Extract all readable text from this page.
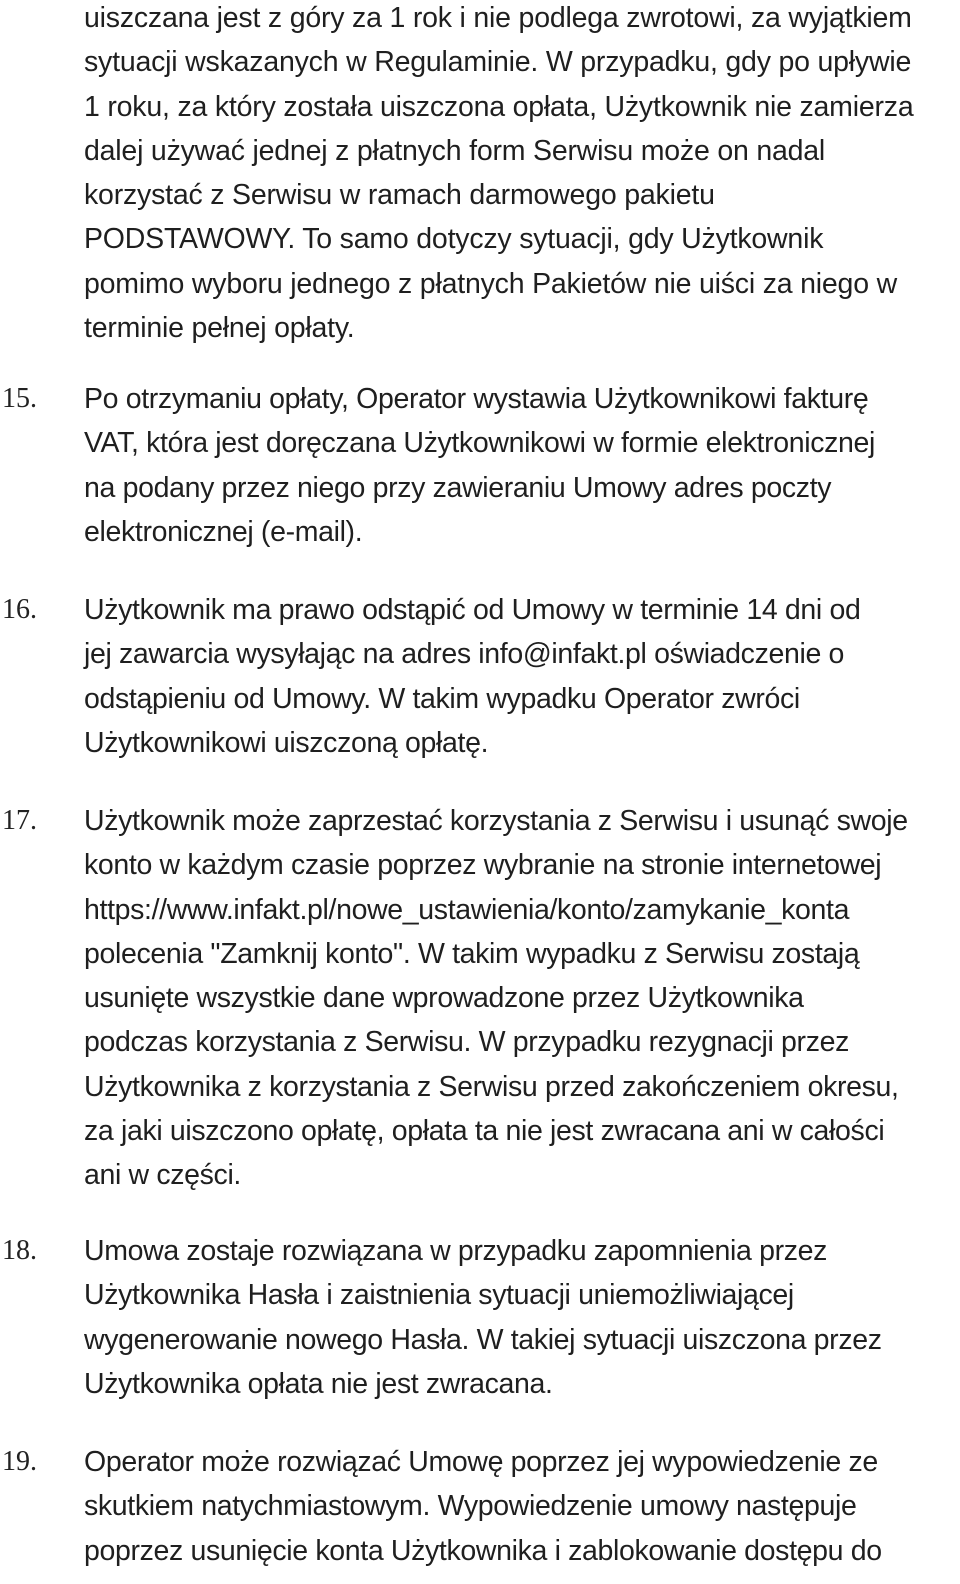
uiszczana jest z góry za 1 rok i nie podlega zwrotowi, za wyjątkiem
sytuacji wskazanych w Regulaminie. W przypadku, gdy po upływie
1 roku, za który została uiszczona opłata, Użytkownik nie zamierza
dalej używać jednej z płatnych form Serwisu może on nadal
korzystać z Serwisu w ramach darmowego pakietu
PODSTAWOWY. To samo dotyczy sytuacji, gdy Użytkownik
pomimo wyboru jednego z płatnych Pakietów nie uiści za niego w
terminie pełnej opłaty.
15. Po otrzymaniu opłaty, Operator wystawia Użytkownikowi fakturę
VAT, która jest doręczana Użytkownikowi w formie elektronicznej
na podany przez niego przy zawieraniu Umowy adres poczty
elektronicznej (e-mail).
16. Użytkownik ma prawo odstąpić od Umowy w terminie 14 dni od
jej zawarcia wysyłając na adres info@infakt.pl oświadczenie o
odstąpieniu od Umowy. W takim wypadku Operator zwróci
Użytkownikowi uiszczoną opłatę.
17. Użytkownik może zaprzestać korzystania z Serwisu i usunąć swoje
konto w każdym czasie poprzez wybranie na stronie internetowej
https://www.infakt.pl/nowe_ustawienia/konto/zamykanie_konta
polecenia "Zamknij konto". W takim wypadku z Serwisu zostają
usunięte wszystkie dane wprowadzone przez Użytkownika
podczas korzystania z Serwisu. W przypadku rezygnacji przez
Użytkownika z korzystania z Serwisu przed zakończeniem okresu,
za jaki uiszczono opłatę, opłata ta nie jest zwracana ani w całości
ani w części.
18. Umowa zostaje rozwiązana w przypadku zapomnienia przez
Użytkownika Hasła i zaistnienia sytuacji uniemożliwiającej
wygenerowanie nowego Hasła. W takiej sytuacji uiszczona przez
Użytkownika opłata nie jest zwracana.
19. Operator może rozwiązać Umowę poprzez jej wypowiedzenie ze
skutkiem natychmiastowym. Wypowiedzenie umowy następuje
poprzez usunięcie konta Użytkownika i zablokowanie dostępu do
